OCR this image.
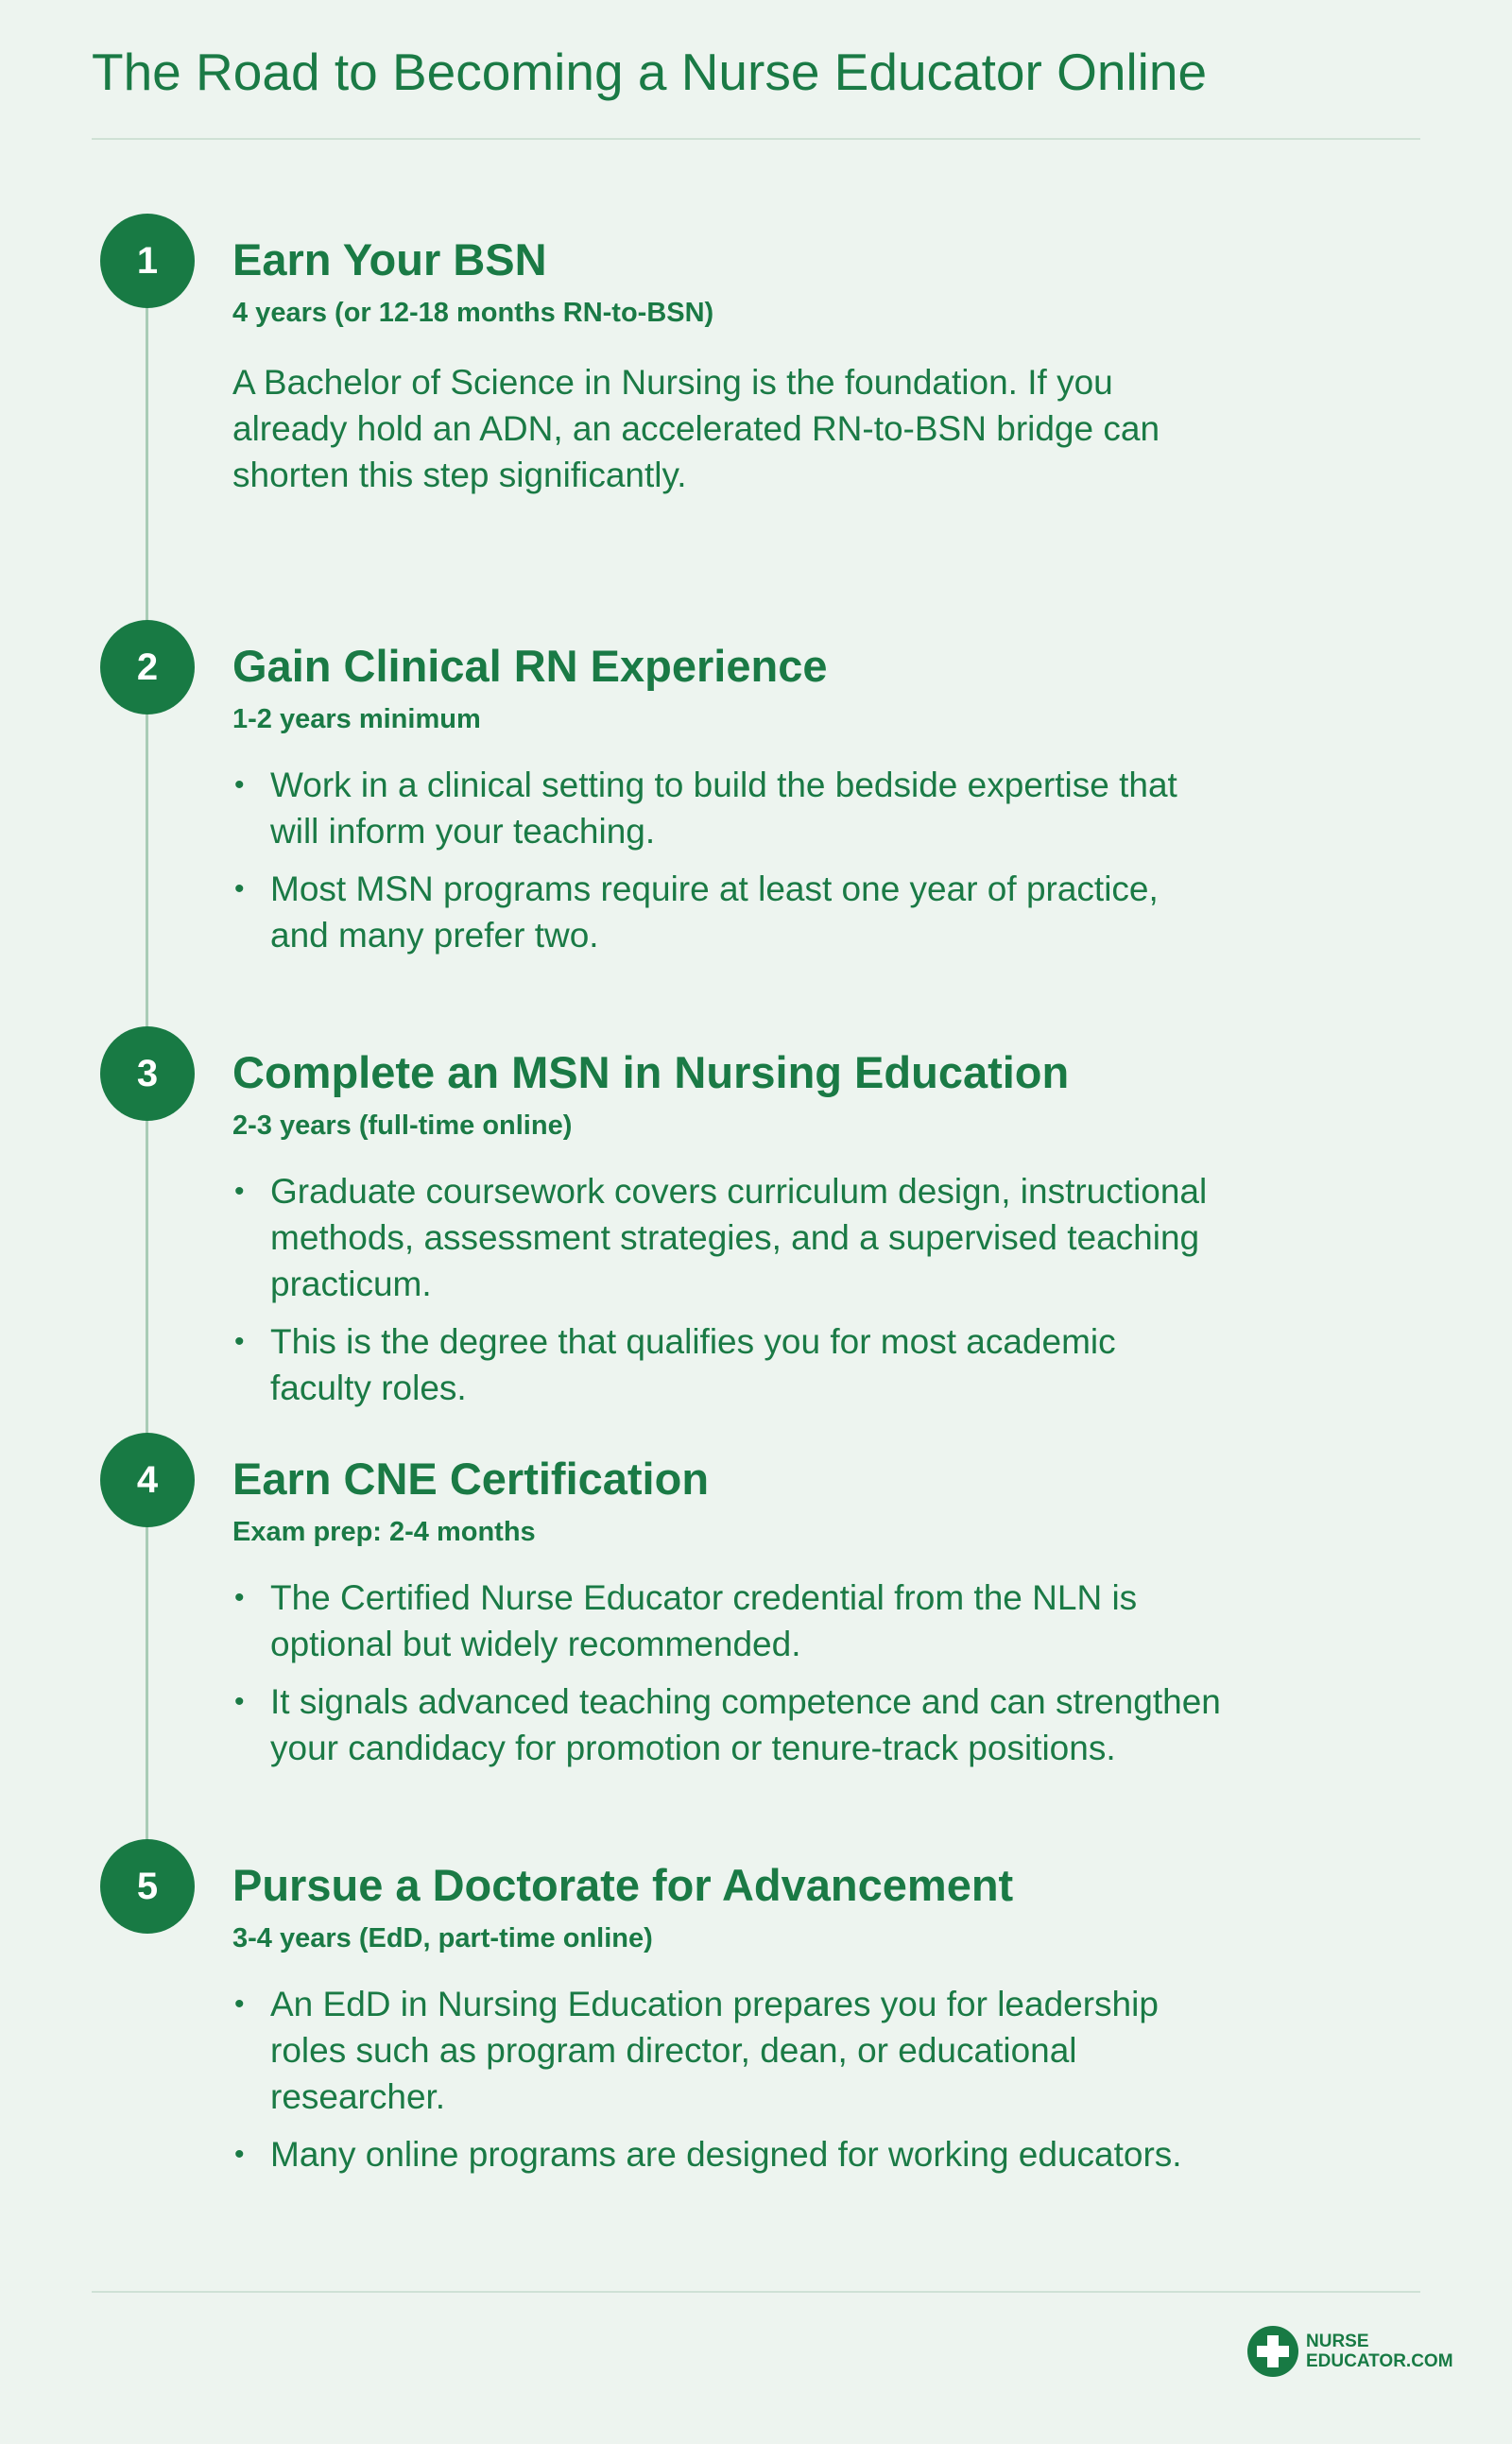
The Road to Becoming a Nurse Educator Online
1	Earn Your BSN

4 years (or 12-18 months RN-to-BSN)

A Bachelor of Science in Nursing is the foundation. If you already hold an ADN, an accelerated RN-to-BSN bridge can shorten this step significantly.

2	Gain Clinical RN Experience

1-2 years minimum

• Work in a clinical setting to build the bedside expertise that will inform your teaching.
• Most MSN programs require at least one year of practice, and many prefer two.
3	Complete an MSN in Nursing Education

2-3 years (full-time online)

• Graduate coursework covers curriculum design, instructional methods, assessment strategies, and a supervised teaching practicum.
• This is the degree that qualifies you for most academic faculty roles.
4	Earn CNE Certification

Exam prep: 2-4 months

• The Certified Nurse Educator credential from the NLN is optional but widely recommended.
• It signals advanced teaching competence and can strengthen your candidacy for promotion or tenure-track positions.
5	Pursue a Doctorate for Advancement

3-4 years (EdD, part-time online)

• An EdD in Nursing Education prepares you for leadership roles such as program director, dean, or educational researcher.
• Many online programs are designed for working educators.
NURSE
EDUCATOR.COM
